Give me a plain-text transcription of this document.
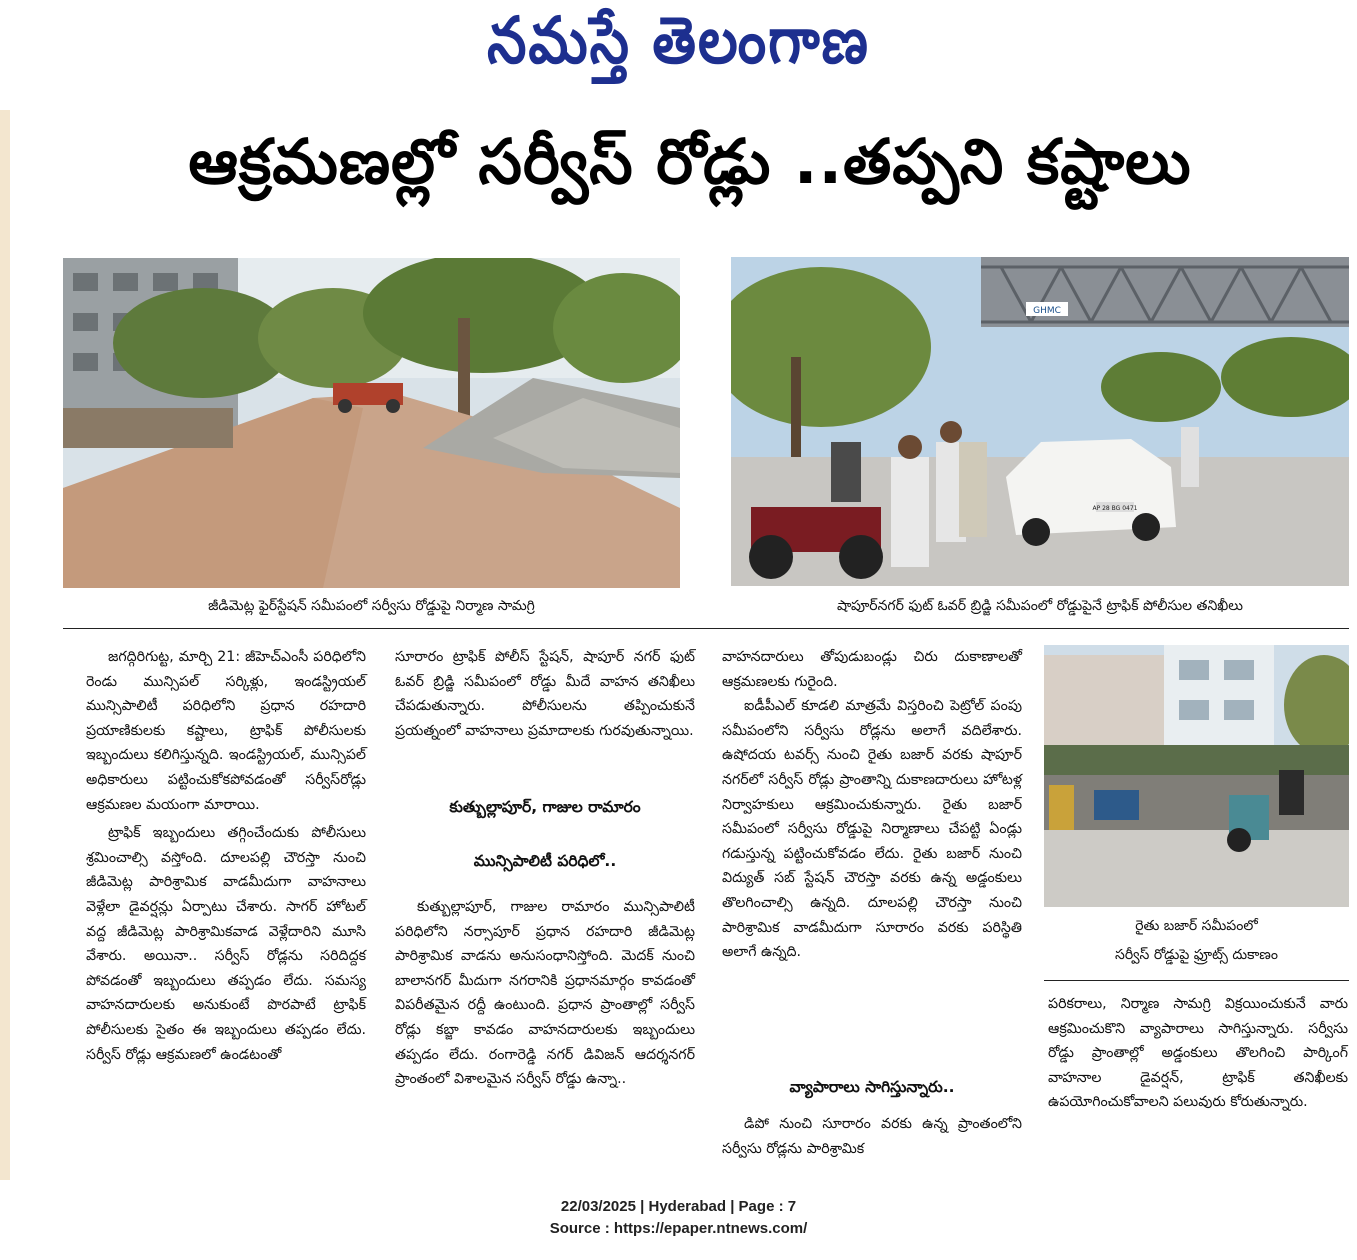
నమస్తే తెలంగాణ
ఆక్రమణల్లో సర్వీస్ రోడ్లు ..తప్పని కష్టాలు
జీడిమెట్ల ఫైర్‌స్టేషన్ సమీపంలో సర్వీసు రోడ్డుపై నిర్మాణ సామగ్రి
GHMC
AP 28 BG 0471
షాపూర్‌నగర్ ఫుట్ ఓవర్ బ్రిడ్జి సమీపంలో రోడ్డుపైనే ట్రాఫిక్ పోలీసుల తనిఖీలు

జగద్గిరిగుట్ట, మార్చి 21: జీహెచ్ఎంసీ పరిధిలోని రెండు మున్సిపల్ సర్కిళ్లు, ఇండస్ట్రియల్ మున్సిపాలిటీ పరిధిలోని ప్రధాన రహదారి ప్రయాణికులకు కష్టాలు, ట్రాఫిక్ పోలీసులకు ఇబ్బందులు కలిగిస్తున్నది. ఇండస్ట్రియల్, మున్సిపల్ అధికారులు పట్టించుకోకపోవడంతో సర్వీస్‌రోడ్లు ఆక్రమణల మయంగా మారాయి.

ట్రాఫిక్ ఇబ్బందులు తగ్గించేందుకు పోలీసులు శ్రమించాల్సి వస్తోంది. దూలపల్లి చౌరస్తా నుంచి జీడిమెట్ల పారిశ్రామిక వాడమీదుగా వాహనాలు వెళ్లేలా డైవర్షన్లు ఏర్పాటు చేశారు. సాగర్ హోటల్ వద్ద జీడిమెట్ల పారిశ్రామికవాడ వెళ్లేదారిని మూసి వేశారు. అయినా.. సర్వీస్ రోడ్లను సరిదిద్దక పోవడంతో ఇబ్బందులు తప్పడం లేదు. సమస్య వాహనదారులకు అనుకుంటే పొరపాటే ట్రాఫిక్ పోలీసులకు సైతం ఈ ఇబ్బందులు తప్పడం లేదు. సర్వీస్ రోడ్లు ఆక్రమణలో ఉండటంతో

సూరారం ట్రాఫిక్ పోలీస్ స్టేషన్, షాపూర్ నగర్ ఫుట్ ఓవర్ బ్రిడ్జి సమీపంలో రోడ్డు మీదే వాహన తనిఖీలు చేపడుతున్నారు. పోలీసులను తప్పించుకునే ప్రయత్నంలో వాహనాలు ప్రమాదాలకు గురవుతున్నాయి.

కుత్బుల్లాపూర్, గాజుల రామారం
మున్సిపాలిటీ పరిధిలో..

కుత్బుల్లాపూర్, గాజుల రామారం మున్సిపాలిటీ పరిధిలోని నర్సాపూర్ ప్రధాన రహదారి జీడిమెట్ల పారిశ్రామిక వాడను అనుసంధానిస్తోంది. మెదక్ నుంచి బాలానగర్ మీదుగా నగరానికి ప్రధానమార్గం కావడంతో విపరీతమైన రద్దీ ఉంటుంది. ప్రధాన ప్రాంతాల్లో సర్వీస్ రోడ్లు కబ్జా కావడం వాహనదారులకు ఇబ్బందులు తప్పడం లేదు. రంగారెడ్డి నగర్ డివిజన్ ఆదర్శనగర్ ప్రాంతంలో విశాలమైన సర్వీస్ రోడ్డు ఉన్నా..

వాహనదారులు తోపుడుబండ్లు చిరు దుకాణాలతో ఆక్రమణలకు గురైంది.

ఐడీపీఎల్ కూడలి మాత్రమే విస్తరించి పెట్రోల్ పంపు సమీపంలోని సర్వీసు రోడ్లను అలాగే వదిలేశారు. ఉషోదయ టవర్స్ నుంచి రైతు బజార్ వరకు షాపూర్ నగర్‌లో సర్వీస్ రోడ్లు ప్రాంతాన్ని దుకాణదారులు హోటళ్ల నిర్వాహకులు ఆక్రమించుకున్నారు. రైతు బజార్ సమీపంలో సర్వీసు రోడ్డుపై నిర్మాణాలు చేపట్టి ఏండ్లు గడుస్తున్న పట్టించుకోవడం లేదు. రైతు బజార్ నుంచి విద్యుత్ సబ్ స్టేషన్ చౌరస్తా వరకు ఉన్న అడ్డంకులు తొలగించాల్సి ఉన్నది. దూలపల్లి చౌరస్తా నుంచి పారిశ్రామిక వాడమీదుగా సూరారం వరకు పరిస్థితి అలాగే ఉన్నది.

వ్యాపారాలు సాగిస్తున్నారు..

డిపో నుంచి సూరారం వరకు ఉన్న ప్రాంతంలోని సర్వీసు రోడ్లను పారిశ్రామిక

రైతు బజార్ సమీపంలో
సర్వీస్ రోడ్డుపై ఫ్రూట్స్ దుకాణం

పరికరాలు, నిర్మాణ సామగ్రి విక్రయించుకునే వారు ఆక్రమించుకొని వ్యాపారాలు సాగిస్తున్నారు. సర్వీసు రోడ్డు ప్రాంతాల్లో అడ్డంకులు తొలగించి పార్కింగ్ వాహనాల డైవర్షన్, ట్రాఫిక్ తనిఖీలకు ఉపయోగించుకోవాలని పలువురు కోరుతున్నారు.

22/03/2025 | Hyderabad | Page : 7
Source : https://epaper.ntnews.com/
